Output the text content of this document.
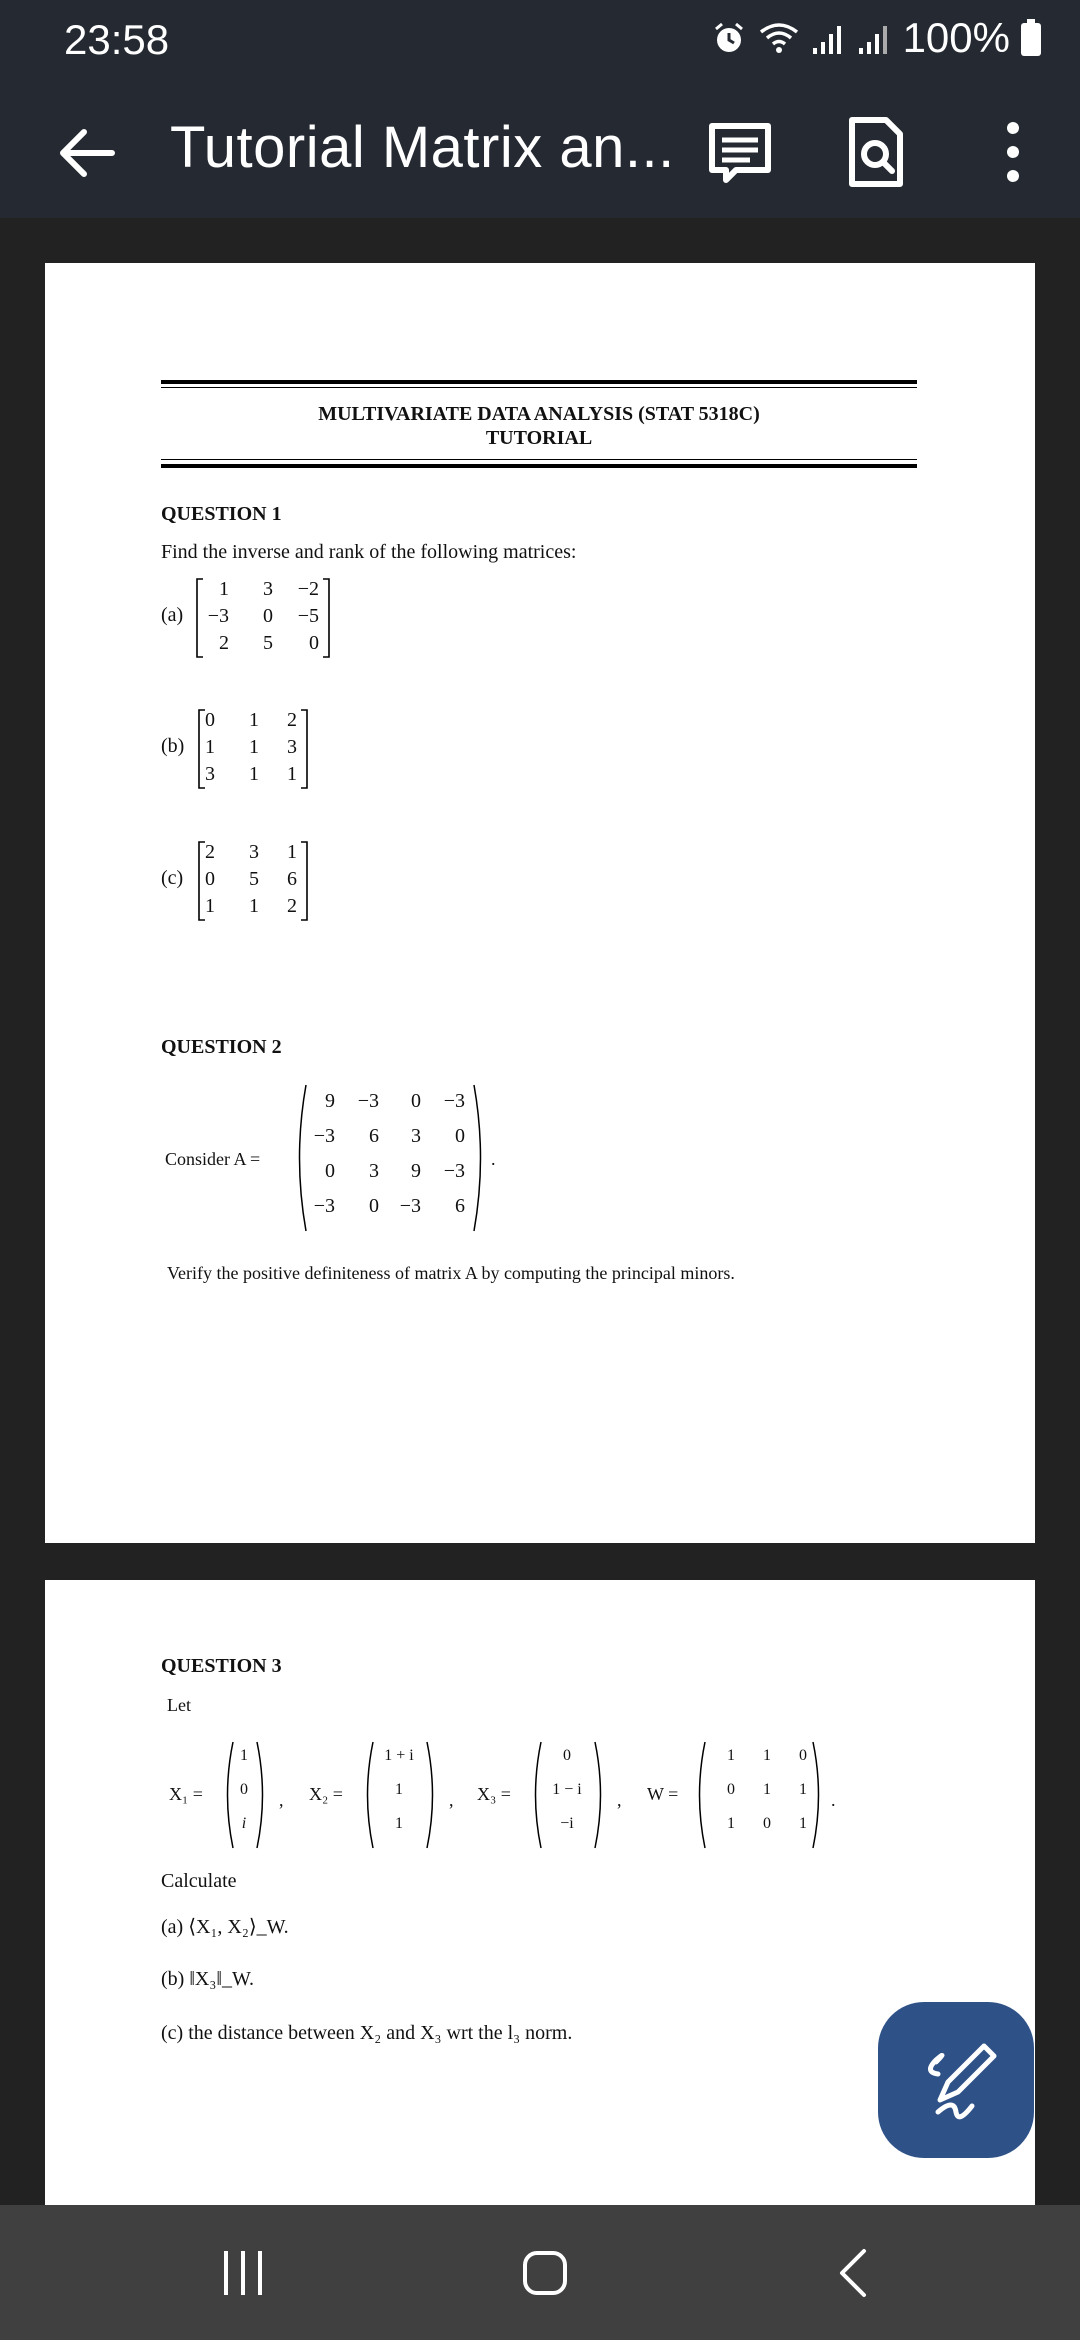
23:58	100%
Tutorial Matrix an...
MULTIVARIATE DATA ANALYSIS (STAT 5318C)
TUTORIAL
QUESTION 1
Find the inverse and rank of the following matrices:
(a)
1	3	−2
−3	0	−5
2	5	0
(b)
0	1	2
1	1	3
3	1	1
(c)
2	3	1
0	5	6
1	1	2
QUESTION 2
Consider A =
9	−3	0	−3
−3	6	3	0
0	3	9	−3
−3	0	−3	6
.
Verify the positive definiteness of matrix A by computing the principal minors.
QUESTION 3
Let
X₁ =
1
0
i
, X₂ =
1 + i
1
1
, X₃ =
0
1 − i
−i
, W =
1	1	0
0	1	1
1	0	1
.
Calculate
(a) ⟨X₁, X₂⟩_W.
(b) ‖X₃‖_W.
(c) the distance between X₂ and X₃ wrt the l₃ norm.
